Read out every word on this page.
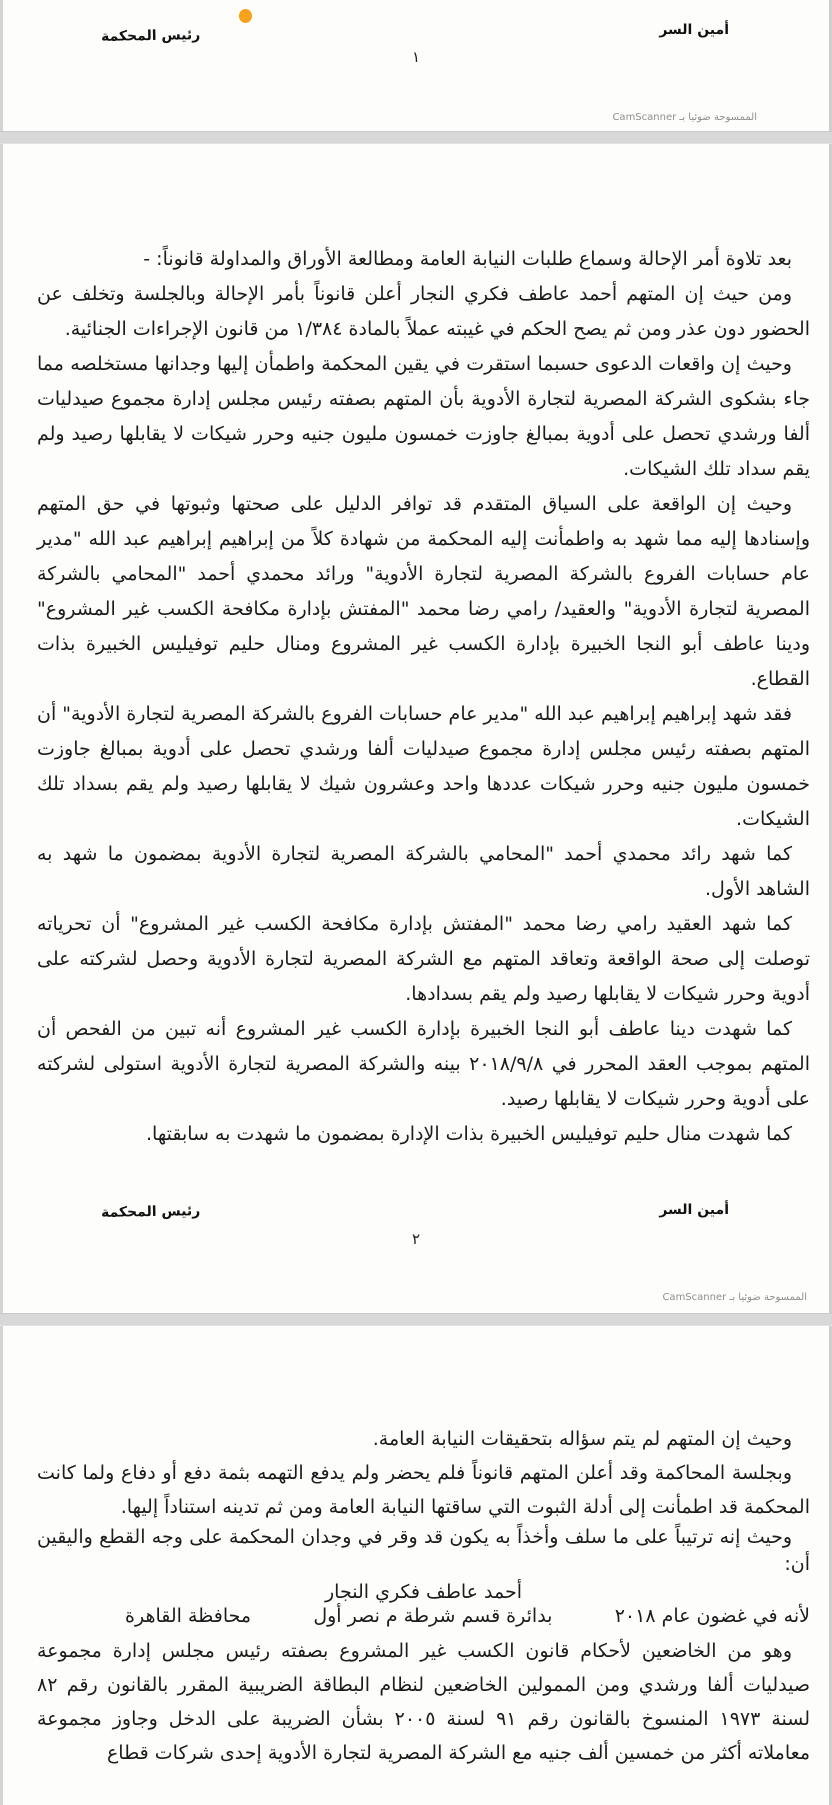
أمين السر
رئيس المحكمة
١
الممسوحة ضوئيا بـ CamScanner

بعد تلاوة أمر الإحالة وسماع طلبات النيابة العامة ومطالعة الأوراق والمداولة قانوناً: -

ومن حيث إن المتهم أحمد عاطف فكري النجار أعلن قانوناً بأمر الإحالة وبالجلسة وتخلف عن الحضور دون عذر ومن ثم يصح الحكم في غيبته عملاً بالمادة ١/٣٨٤ من قانون الإجراءات الجنائية.

وحيث إن واقعات الدعوى حسبما استقرت في يقين المحكمة واطمأن إليها وجدانها مستخلصه مما جاء بشكوى الشركة المصرية لتجارة الأدوية بأن المتهم بصفته رئيس مجلس إدارة مجموع صيدليات ألفا ورشدي تحصل على أدوية بمبالغ جاوزت خمسون مليون جنيه وحرر شيكات لا يقابلها رصيد ولم يقم سداد تلك الشيكات.

وحيث إن الواقعة على السياق المتقدم قد توافر الدليل على صحتها وثبوتها في حق المتهم وإسنادها إليه مما شهد به واطمأنت إليه المحكمة من شهادة كلاً من إبراهيم إبراهيم عبد الله "مدير عام حسابات الفروع بالشركة المصرية لتجارة الأدوية" ورائد محمدي أحمد "المحامي بالشركة المصرية لتجارة الأدوية" والعقيد/ رامي رضا محمد "المفتش بإدارة مكافحة الكسب غير المشروع" ودينا عاطف أبو النجا الخبيرة بإدارة الكسب غير المشروع ومنال حليم توفيليس الخبيرة بذات القطاع.

فقد شهد إبراهيم إبراهيم عبد الله "مدير عام حسابات الفروع بالشركة المصرية لتجارة الأدوية" أن المتهم بصفته رئيس مجلس إدارة مجموع صيدليات ألفا ورشدي تحصل على أدوية بمبالغ جاوزت خمسون مليون جنيه وحرر شيكات عددها واحد وعشرون شيك لا يقابلها رصيد ولم يقم بسداد تلك الشيكات.

كما شهد رائد محمدي أحمد "المحامي بالشركة المصرية لتجارة الأدوية بمضمون ما شهد به الشاهد الأول.

كما شهد العقيد رامي رضا محمد "المفتش بإدارة مكافحة الكسب غير المشروع" أن تحرياته توصلت إلى صحة الواقعة وتعاقد المتهم مع الشركة المصرية لتجارة الأدوية وحصل لشركته على أدوية وحرر شيكات لا يقابلها رصيد ولم يقم بسدادها.

كما شهدت دينا عاطف أبو النجا الخبيرة بإدارة الكسب غير المشروع أنه تبين من الفحص أن المتهم بموجب العقد المحرر في ٢٠١٨/٩/٨ بينه والشركة المصرية لتجارة الأدوية استولى لشركته على أدوية وحرر شيكات لا يقابلها رصيد.

كما شهدت منال حليم توفيليس الخبيرة بذات الإدارة بمضمون ما شهدت به سابقتها.

أمين السر
رئيس المحكمة
٢
الممسوحة ضوئيا بـ CamScanner

وحيث إن المتهم لم يتم سؤاله بتحقيقات النيابة العامة.

وبجلسة المحاكمة وقد أعلن المتهم قانوناً فلم يحضر ولم يدفع التهمه بثمة دفع أو دفاع ولما كانت المحكمة قد اطمأنت إلى أدلة الثبوت التي ساقتها النيابة العامة ومن ثم تدينه استناداً إليها.

وحيث إنه ترتيباً على ما سلف وأخذاً به يكون قد وقر في وجدان المحكمة على وجه القطع واليقين أن:

أحمد عاطف فكري النجار

لأنه في غضون عام ٢٠١٨
بدائرة قسم شرطة م نصر أول
محافظة القاهرة

وهو من الخاضعين لأحكام قانون الكسب غير المشروع بصفته رئيس مجلس إدارة مجموعة صيدليات ألفا ورشدي ومن الممولين الخاضعين لنظام البطاقة الضريبية المقرر بالقانون رقم ٨٢ لسنة ١٩٧٣ المنسوخ بالقانون رقم ٩١ لسنة ٢٠٠٥ بشأن الضريبة على الدخل وجاوز مجموعة معاملاته أكثر من خمسين ألف جنيه مع الشركة المصرية لتجارة الأدوية إحدى شركات قطاع
